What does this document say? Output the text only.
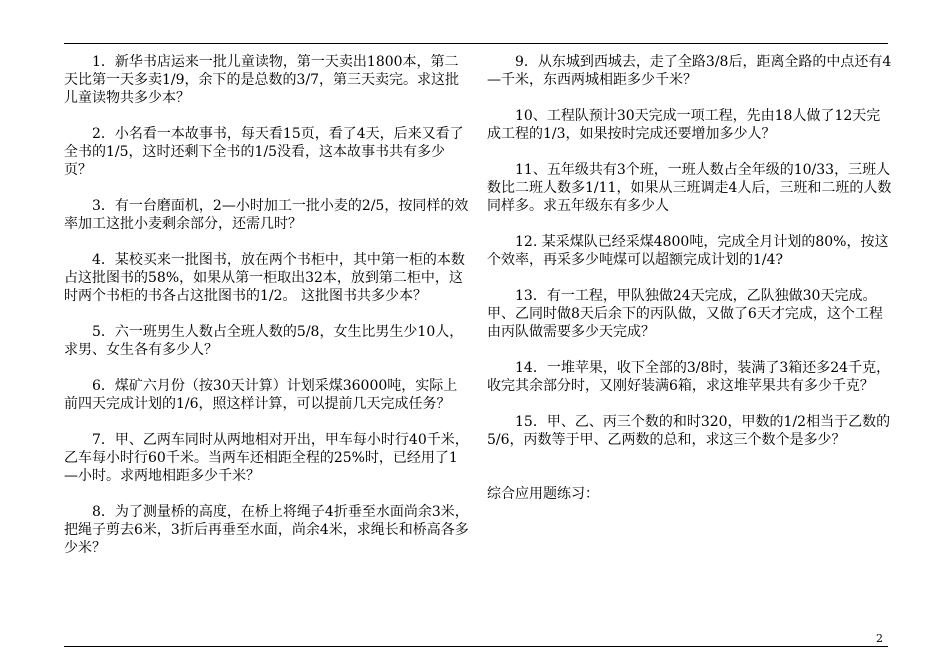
1．新华书店运来一批儿童读物，第一天卖出1800本，第二天比第一天多卖1/9，余下的是总数的3/7，第三天卖完。求这批儿童读物共多少本？

2．小名看一本故事书，每天看15页，看了4天，后来又看了全书的1/5，这时还剩下全书的1/5没看，这本故事书共有多少页？

3．有一台磨面机，2—小时加工一批小麦的2/5，按同样的效率加工这批小麦剩余部分，还需几时？

4．某校买来一批图书，放在两个书柜中，其中第一柜的本数占这批图书的58%，如果从第一柜取出32本，放到第二柜中，这时两个书柜的书各占这批图书的1/2。 这批图书共多少本？

5．六一班男生人数占全班人数的5/8，女生比男生少10人，求男、女生各有多少人？

6．煤矿六月份（按30天计算）计划采煤36000吨，实际上前四天完成计划的1/6，照这样计算，可以提前几天完成任务？

7．甲、乙两车同时从两地相对开出，甲车每小时行40千米，乙车每小时行60千米。当两车还相距全程的25%时，已经用了1—小时。求两地相距多少千米？

8．为了测量桥的高度，在桥上将绳子4折垂至水面尚余3米，把绳子剪去6米，3折后再垂至水面，尚余4米，求绳长和桥高各多少米？

9．从东城到西城去，走了全路3/8后，距离全路的中点还有4—千米，东西两城相距多少千米？

10、工程队预计30天完成一项工程，先由18人做了12天完成工程的1/3，如果按时完成还要增加多少人？

11、五年级共有3个班，一班人数占全年级的10/33，三班人数比二班人数多1/11，如果从三班调走4人后，三班和二班的人数同样多。求五年级东有多少人

12. 某采煤队已经采煤4800吨，完成全月计划的80%，按这个效率，再采多少吨煤可以超额完成计划的1/4?

13．有一工程，甲队独做24天完成，乙队独做30天完成。甲、乙同时做8天后余下的丙队做，又做了6天才完成，这个工程由丙队做需要多少天完成？

14．一堆苹果，收下全部的3/8时，装满了3箱还多24千克，收完其余部分时，又刚好装满6箱，求这堆苹果共有多少千克？

15．甲、乙、丙三个数的和时320，甲数的1/2相当于乙数的5/6，丙数等于甲、乙两数的总和，求这三个数个是多少？

综合应用题练习：

2
